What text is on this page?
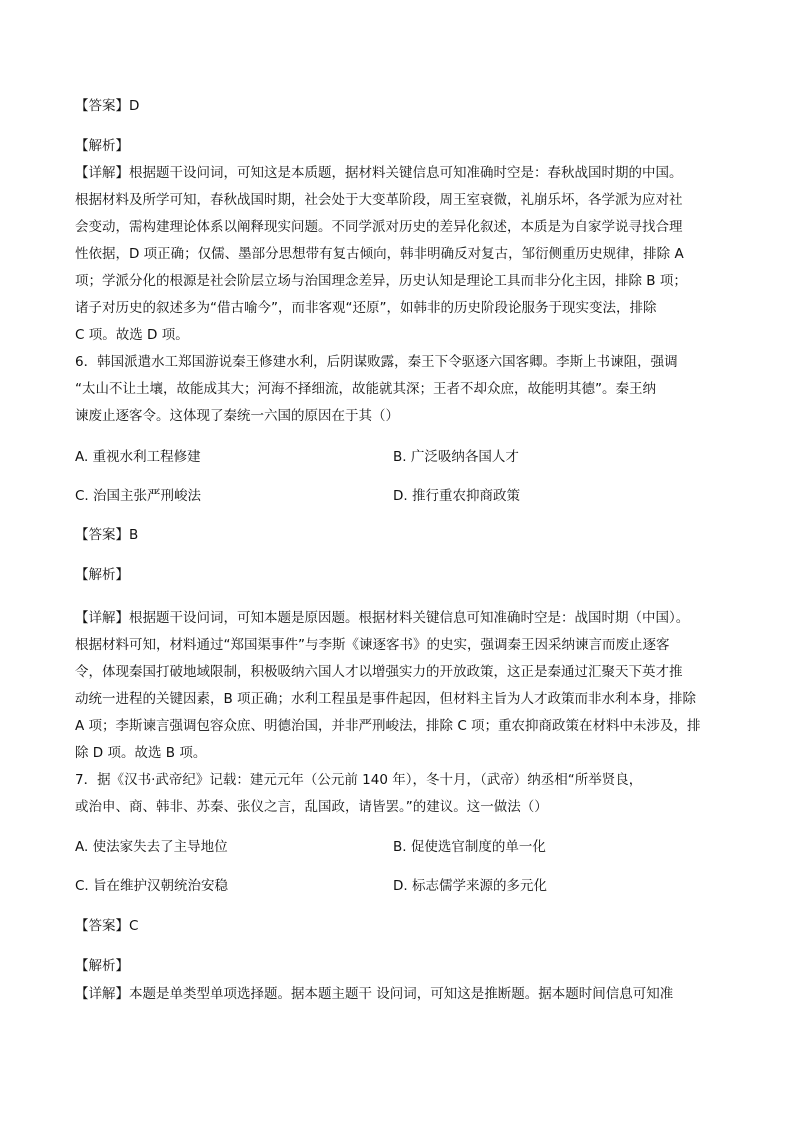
【答案】D
【解析】
【详解】根据题干设问词，可知这是本质题，据材料关键信息可知准确时空是：春秋战国时期的中国。
根据材料及所学可知，春秋战国时期，社会处于大变革阶段，周王室衰微，礼崩乐坏，各学派为应对社
会变动，需构建理论体系以阐释现实问题。不同学派对历史的差异化叙述，本质是为自家学说寻找合理
性依据，D 项正确；仅儒、墨部分思想带有复古倾向，韩非明确反对复古，邹衍侧重历史规律，排除 A
项；学派分化的根源是社会阶层立场与治国理念差异，历史认知是理论工具而非分化主因，排除 B 项；
诸子对历史的叙述多为“借古喻今”，而非客观“还原”，如韩非的历史阶段论服务于现实变法，排除
C 项。故选 D 项。
6．韩国派遣水工郑国游说秦王修建水利，后阴谋败露，秦王下令驱逐六国客卿。李斯上书谏阻，强调
“太山不让土壤，故能成其大；河海不择细流，故能就其深；王者不却众庶，故能明其德”。秦王纳
谏废止逐客令。这体现了秦统一六国的原因在于其（）
A. 重视水利工程修建	B. 广泛吸纳各国人才
C. 治国主张严刑峻法	D. 推行重农抑商政策
【答案】B
【解析】
【详解】根据题干设问词，可知本题是原因题。根据材料关键信息可知准确时空是：战国时期（中国）。
根据材料可知，材料通过“郑国渠事件”与李斯《谏逐客书》的史实，强调秦王因采纳谏言而废止逐客
令，体现秦国打破地域限制，积极吸纳六国人才以增强实力的开放政策，这正是秦通过汇聚天下英才推
动统一进程的关键因素，B 项正确；水利工程虽是事件起因，但材料主旨为人才政策而非水利本身，排除
A 项；李斯谏言强调包容众庶、明德治国，并非严刑峻法，排除 C 项；重农抑商政策在材料中未涉及，排
除 D 项。故选 B 项。
7．据《汉书·武帝纪》记载：建元元年（公元前 140 年），冬十月，（武帝）纳丞相“所举贤良，
或治申、商、韩非、苏秦、张仪之言，乱国政，请皆罢。”的建议。这一做法（）
A. 使法家失去了主导地位	B. 促使选官制度的单一化
C. 旨在维护汉朝统治安稳	D. 标志儒学来源的多元化
【答案】C
【解析】
【详解】本题是单类型单项选择题。据本题主题干 设问词，可知这是推断题。据本题时间信息可知准
